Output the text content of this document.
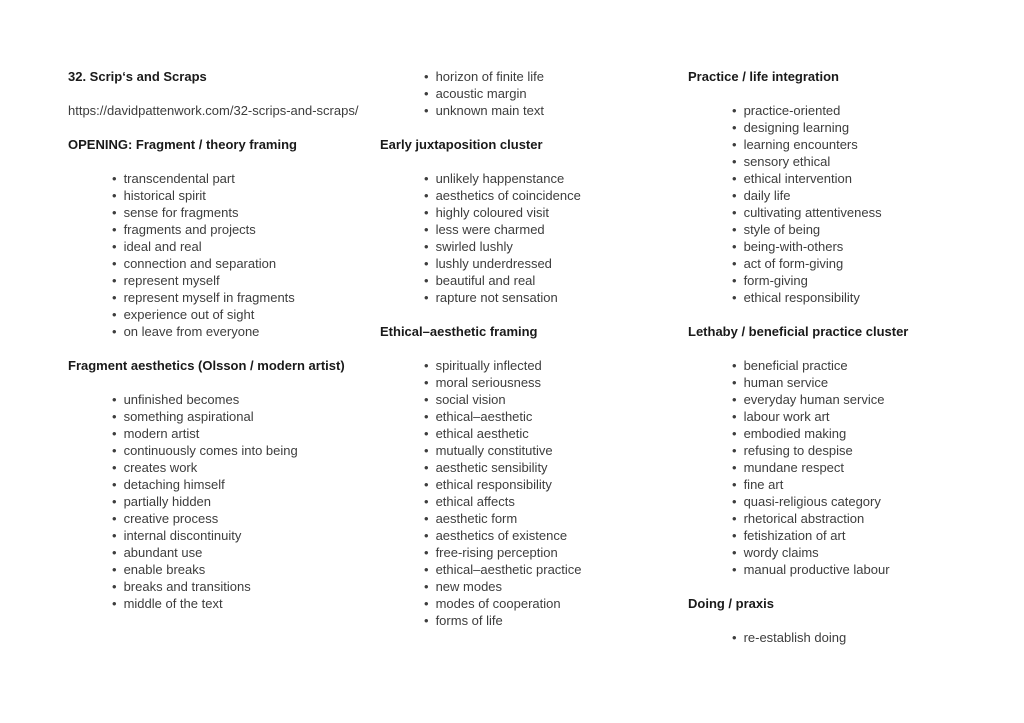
32. Scrip‘s and Scraps

https://davidpattenwork.com/32-scrips-and-scraps/

OPENING: Fragment / theory framing
• transcendental part
• historical spirit
• sense for fragments
• fragments and projects
• ideal and real
• connection and separation
• represent myself
• represent myself in fragments
• experience out of sight
• on leave from everyone
Fragment aesthetics (Olsson / modern artist)
• unfinished becomes
• something aspirational
• modern artist
• continuously comes into being
• creates work
• detaching himself
• partially hidden
• creative process
• internal discontinuity
• abundant use
• enable breaks
• breaks and transitions
• middle of the text
• horizon of finite life
• acoustic margin
• unknown main text
Early juxtaposition cluster
• unlikely happenstance
• aesthetics of coincidence
• highly coloured visit
• less were charmed
• swirled lushly
• lushly underdressed
• beautiful and real
• rapture not sensation
Ethical–aesthetic framing
• spiritually inflected
• moral seriousness
• social vision
• ethical–aesthetic
• ethical aesthetic
• mutually constitutive
• aesthetic sensibility
• ethical responsibility
• ethical affects
• aesthetic form
• aesthetics of existence
• free-rising perception
• ethical–aesthetic practice
• new modes
• modes of cooperation
• forms of life
Practice / life integration
• practice-oriented
• designing learning
• learning encounters
• sensory ethical
• ethical intervention
• daily life
• cultivating attentiveness
• style of being
• being-with-others
• act of form-giving
• form-giving
• ethical responsibility
Lethaby / beneficial practice cluster
• beneficial practice
• human service
• everyday human service
• labour work art
• embodied making
• refusing to despise
• mundane respect
• fine art
• quasi-religious category
• rhetorical abstraction
• fetishization of art
• wordy claims
• manual productive labour
Doing / praxis
• re-establish doing
